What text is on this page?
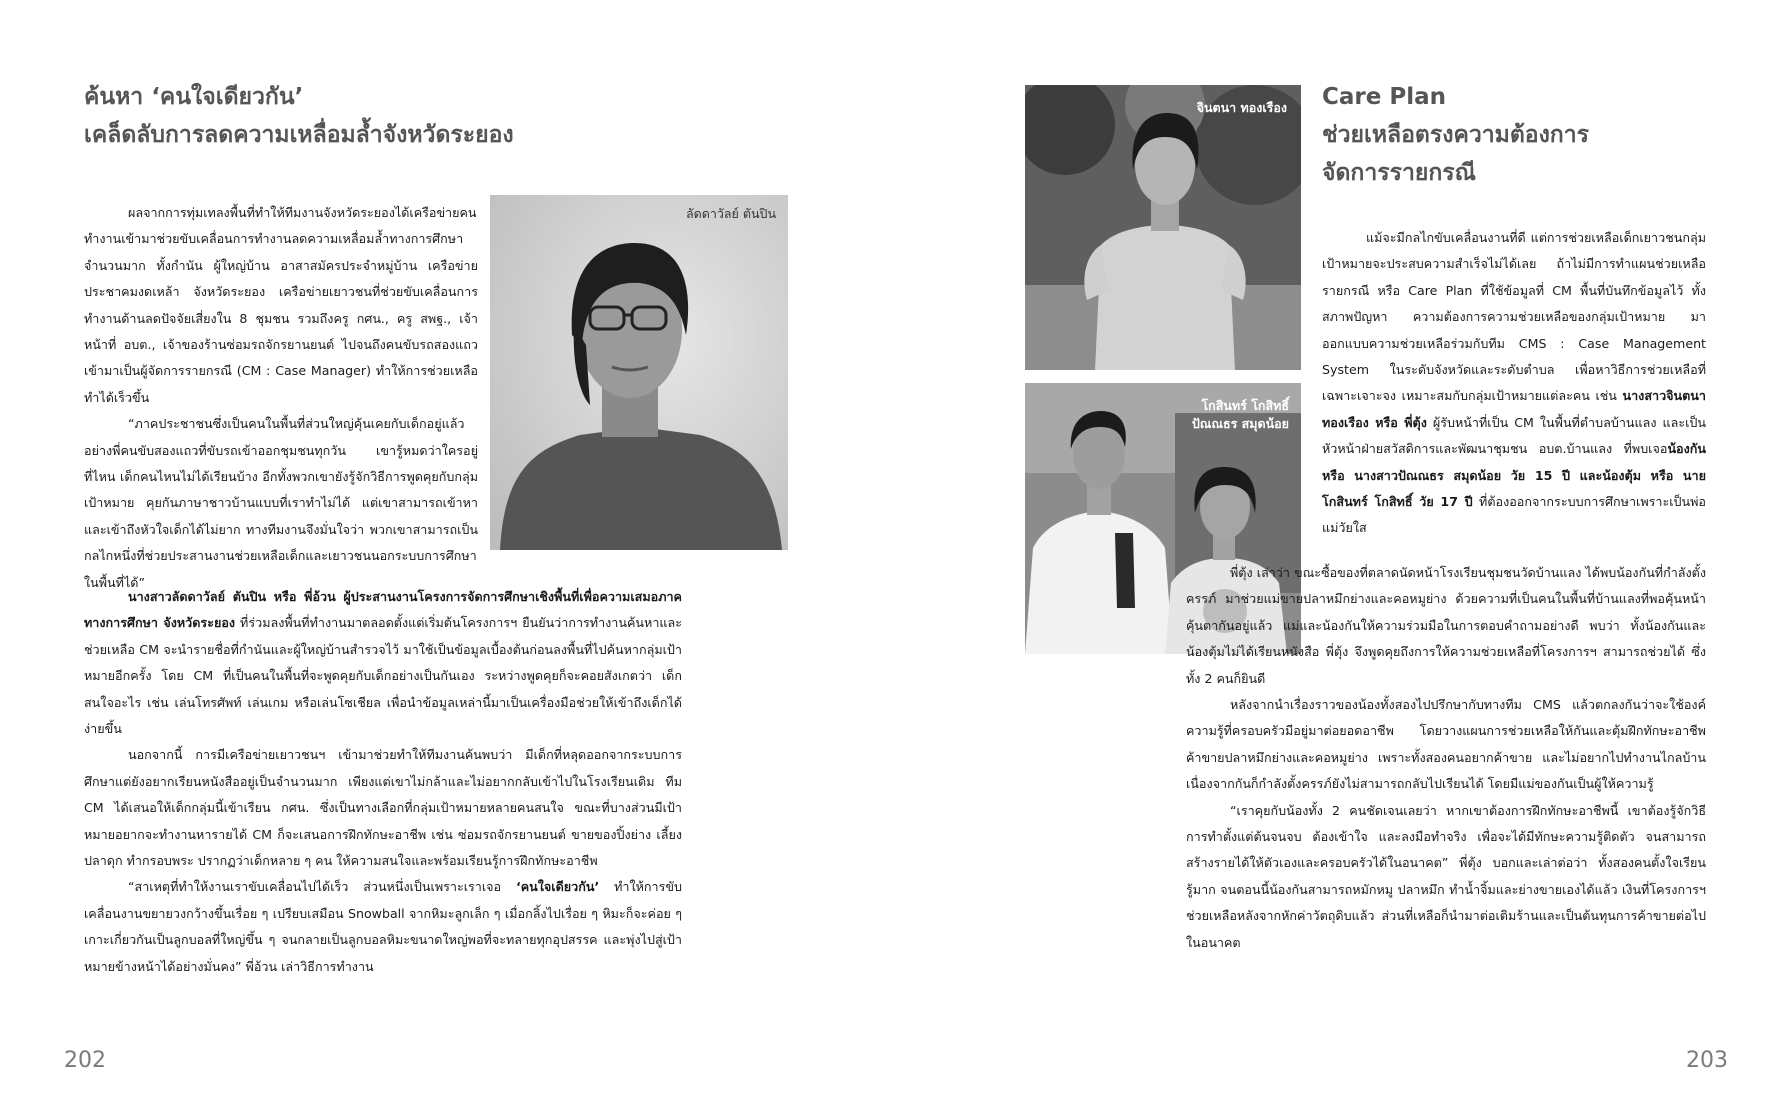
ค้นหา ‘คนใจเดียวกัน’
เคล็ดลับการลดความเหลื่อมล้ำจังหวัดระยอง
ลัดดาวัลย์ ตันปิน

ผลจากการทุ่มเทลงพื้นที่ทำให้ทีมงานจังหวัดระยองได้เครือข่ายคนทำงานเข้ามาช่วยขับเคลื่อนการทำงานลดความเหลื่อมล้ำทางการศึกษาจำนวนมาก ทั้งกำนัน ผู้ใหญ่บ้าน อาสาสมัครประจำหมู่บ้าน เครือข่ายประชาคมงดเหล้า จังหวัดระยอง เครือข่ายเยาวชนที่ช่วยขับเคลื่อนการทำงานด้านลดปัจจัยเสี่ยงใน 8 ชุมชน รวมถึงครู กศน., ครู สพฐ., เจ้าหน้าที่ อบต., เจ้าของร้านซ่อมรถจักรยานยนต์ ไปจนถึงคนขับรถสองแถว เข้ามาเป็นผู้จัดการรายกรณี (CM : Case Manager) ทำให้การช่วยเหลือทำได้เร็วขึ้น

“ภาคประชาชนซึ่งเป็นคนในพื้นที่ส่วนใหญ่คุ้นเคยกับเด็กอยู่แล้ว อย่างพี่คนขับสองแถวที่ขับรถเข้าออกชุมชนทุกวัน เขารู้หมดว่าใครอยู่ที่ไหน เด็กคนไหนไม่ได้เรียนบ้าง อีกทั้งพวกเขายังรู้จักวิธีการพูดคุยกับกลุ่มเป้าหมาย คุยกันภาษาชาวบ้านแบบที่เราทำไม่ได้ แต่เขาสามารถเข้าหาและเข้าถึงหัวใจเด็กได้ไม่ยาก ทางทีมงานจึงมั่นใจว่า พวกเขาสามารถเป็นกลไกหนึ่งที่ช่วยประสานงานช่วยเหลือเด็กและเยาวชนนอกระบบการศึกษาในพื้นที่ได้”

นางสาวลัดดาวัลย์ ตันปิน หรือ พี่อ้วน ผู้ประสานงานโครงการจัดการศึกษาเชิงพื้นที่เพื่อความเสมอภาคทางการศึกษา จังหวัดระยอง ที่ร่วมลงพื้นที่ทำงานมาตลอดตั้งแต่เริ่มต้นโครงการฯ ยืนยันว่าการทำงานค้นหาและช่วยเหลือ CM จะนำรายชื่อที่กำนันและผู้ใหญ่บ้านสำรวจไว้ มาใช้เป็นข้อมูลเบื้องต้นก่อนลงพื้นที่ไปค้นหากลุ่มเป้าหมายอีกครั้ง โดย CM ที่เป็นคนในพื้นที่จะพูดคุยกับเด็กอย่างเป็นกันเอง ระหว่างพูดคุยก็จะคอยสังเกตว่า เด็กสนใจอะไร เช่น เล่นโทรศัพท์ เล่นเกม หรือเล่นโซเชียล เพื่อนำข้อมูลเหล่านี้มาเป็นเครื่องมือช่วยให้เข้าถึงเด็กได้ง่ายขึ้น

นอกจากนี้ การมีเครือข่ายเยาวชนฯ เข้ามาช่วยทำให้ทีมงานค้นพบว่า มีเด็กที่หลุดออกจากระบบการศึกษาแต่ยังอยากเรียนหนังสืออยู่เป็นจำนวนมาก เพียงแต่เขาไม่กล้าและไม่อยากกลับเข้าไปในโรงเรียนเดิม ทีม CM ได้เสนอให้เด็กกลุ่มนี้เข้าเรียน กศน. ซึ่งเป็นทางเลือกที่กลุ่มเป้าหมายหลายคนสนใจ ขณะที่บางส่วนมีเป้าหมายอยากจะทำงานหารายได้ CM ก็จะเสนอการฝึกทักษะอาชีพ เช่น ซ่อมรถจักรยานยนต์ ขายของปิ้งย่าง เลี้ยงปลาดุก ทำกรอบพระ ปรากฏว่าเด็กหลาย ๆ คน ให้ความสนใจและพร้อมเรียนรู้การฝึกทักษะอาชีพ

“สาเหตุที่ทำให้งานเราขับเคลื่อนไปได้เร็ว ส่วนหนึ่งเป็นเพราะเราเจอ ‘คนใจเดียวกัน’ ทำให้การขับเคลื่อนงานขยายวงกว้างขึ้นเรื่อย ๆ เปรียบเสมือน Snowball จากหิมะลูกเล็ก ๆ เมื่อกลิ้งไปเรื่อย ๆ หิมะก็จะค่อย ๆ เกาะเกี่ยวกันเป็นลูกบอลที่ใหญ่ขึ้น ๆ จนกลายเป็นลูกบอลหิมะขนาดใหญ่พอที่จะทลายทุกอุปสรรค และพุ่งไปสู่เป้าหมายข้างหน้าได้อย่างมั่นคง” พี่อ้วน เล่าวิธีการทำงาน

202
จินตนา ทองเรือง
โกสินทร์ โกสิทธิ์
ปัณณธร สมุดน้อย
Care Plan
ช่วยเหลือตรงความต้องการ
จัดการรายกรณี

แม้จะมีกลไกขับเคลื่อนงานที่ดี แต่การช่วยเหลือเด็กเยาวชนกลุ่มเป้าหมายจะประสบความสำเร็จไม่ได้เลย ถ้าไม่มีการทำแผนช่วยเหลือรายกรณี หรือ Care Plan ที่ใช้ข้อมูลที่ CM พื้นที่บันทึกข้อมูลไว้ ทั้งสภาพปัญหา ความต้องการความช่วยเหลือของกลุ่มเป้าหมาย มาออกแบบความช่วยเหลือร่วมกับทีม CMS : Case Management System ในระดับจังหวัดและระดับตำบล เพื่อหาวิธีการช่วยเหลือที่เฉพาะเจาะจง เหมาะสมกับกลุ่มเป้าหมายแต่ละคน เช่น นางสาวจินตนา ทองเรือง หรือ พี่ตุ้ง ผู้รับหน้าที่เป็น CM ในพื้นที่ตำบลบ้านแลง และเป็นหัวหน้าฝ่ายสวัสดิการและพัฒนาชุมชน อบต.บ้านแลง ที่พบเจอน้องกัน หรือ นางสาวปัณณธร สมุดน้อย วัย 15 ปี และน้องตุ้ม หรือ นายโกสินทร์ โกสิทธิ์ วัย 17 ปี ที่ต้องออกจากระบบการศึกษาเพราะเป็นพ่อแม่วัยใส

พี่ตุ้ง เล่าว่า ขณะซื้อของที่ตลาดนัดหน้าโรงเรียนชุมชนวัดบ้านแลง ได้พบน้องกันที่กำลังตั้งครรภ์ มาช่วยแม่ขายปลาหมึกย่างและคอหมูย่าง ด้วยความที่เป็นคนในพื้นที่บ้านแลงที่พอคุ้นหน้าคุ้นตากันอยู่แล้ว แม่และน้องกันให้ความร่วมมือในการตอบคำถามอย่างดี พบว่า ทั้งน้องกันและน้องตุ้มไม่ได้เรียนหนังสือ พี่ตุ้ง จึงพูดคุยถึงการให้ความช่วยเหลือที่โครงการฯ สามารถช่วยได้ ซึ่งทั้ง 2 คนก็ยินดี

หลังจากนำเรื่องราวของน้องทั้งสองไปปรึกษากับทางทีม CMS แล้วตกลงกันว่าจะใช้องค์ความรู้ที่ครอบครัวมีอยู่มาต่อยอดอาชีพ โดยวางแผนการช่วยเหลือให้กันและตุ้มฝึกทักษะอาชีพค้าขายปลาหมึกย่างและคอหมูย่าง เพราะทั้งสองคนอยากค้าขาย และไม่อยากไปทำงานไกลบ้าน เนื่องจากกันก็กำลังตั้งครรภ์ยังไม่สามารถกลับไปเรียนได้ โดยมีแม่ของกันเป็นผู้ให้ความรู้

“เราคุยกับน้องทั้ง 2 คนชัดเจนเลยว่า หากเขาต้องการฝึกทักษะอาชีพนี้ เขาต้องรู้จักวิธีการทำตั้งแต่ต้นจนจบ ต้องเข้าใจ และลงมือทำจริง เพื่อจะได้มีทักษะความรู้ติดตัว จนสามารถสร้างรายได้ให้ตัวเองและครอบครัวได้ในอนาคต” พี่ตุ้ง บอกและเล่าต่อว่า ทั้งสองคนตั้งใจเรียนรู้มาก จนตอนนี้น้องกันสามารถหมักหมู ปลาหมึก ทำน้ำจิ้มและย่างขายเองได้แล้ว เงินที่โครงการฯ ช่วยเหลือหลังจากหักค่าวัตถุดิบแล้ว ส่วนที่เหลือก็นำมาต่อเติมร้านและเป็นต้นทุนการค้าขายต่อไปในอนาคต

203
